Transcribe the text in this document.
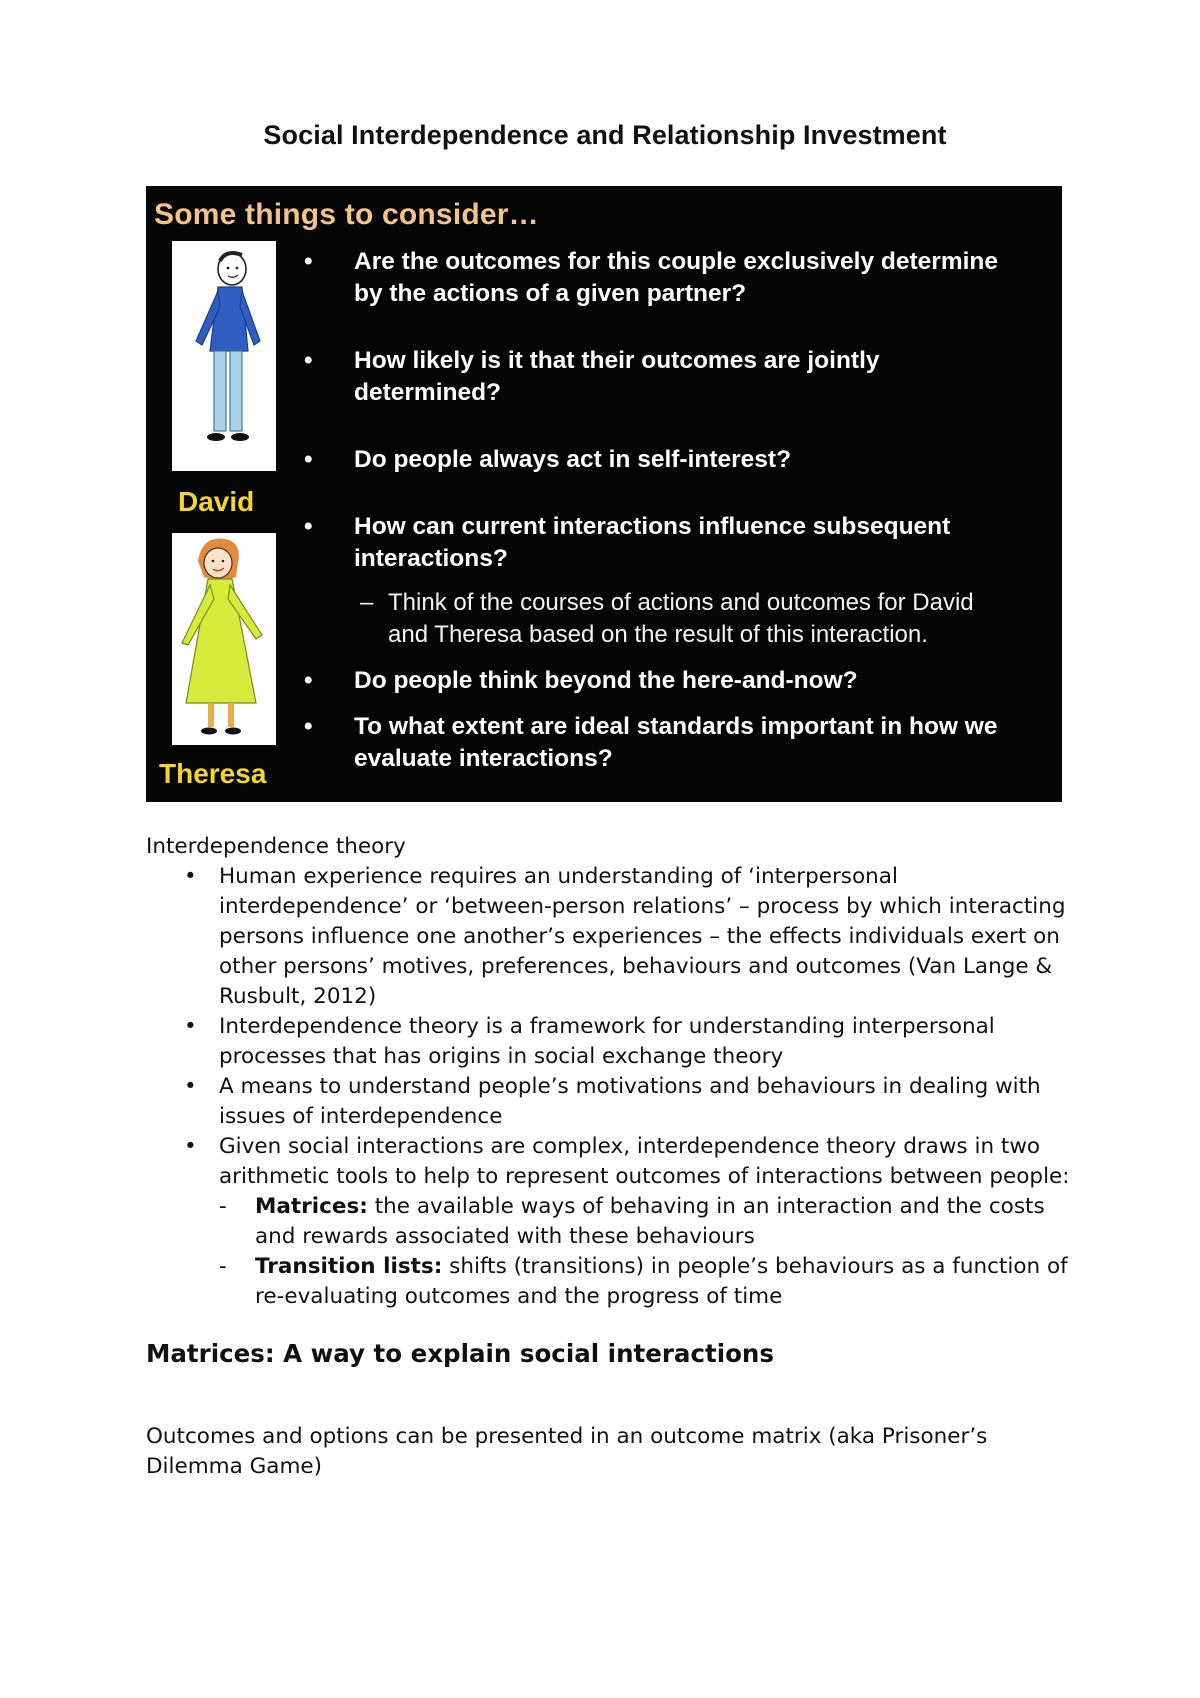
Social Interdependence and Relationship Investment
Some things to consider…
David
Theresa
•	Are the outcomes for this couple exclusively determine
by the actions of a given partner?
•	How likely is it that their outcomes are jointly
determined?
•	Do people always act in self-interest?
•	How can current interactions influence subsequent
interactions?
– Think of the courses of actions and outcomes for David
and Theresa based on the result of this interaction.
•	Do people think beyond the here-and-now?
•	To what extent are ideal standards important in how we
evaluate interactions?

Interdependence theory

• Human experience requires an understanding of ‘interpersonal interdependence’ or ‘between-person relations’ – process by which interacting persons influence one another’s experiences – the effects individuals exert on other persons’ motives, preferences, behaviours and outcomes (Van Lange & Rusbult, 2012)
• Interdependence theory is a framework for understanding interpersonal processes that has origins in social exchange theory
• A means to understand people’s motivations and behaviours in dealing with issues of interdependence
• Given social interactions are complex, interdependence theory draws in two arithmetic tools to help to represent outcomes of interactions between people:
- Matrices: the available ways of behaving in an interaction and the costs and rewards associated with these behaviours
- Transition lists: shifts (transitions) in people’s behaviours as a function of re-evaluating outcomes and the progress of time
Matrices: A way to explain social interactions

Outcomes and options can be presented in an outcome matrix (aka Prisoner’s Dilemma Game)
